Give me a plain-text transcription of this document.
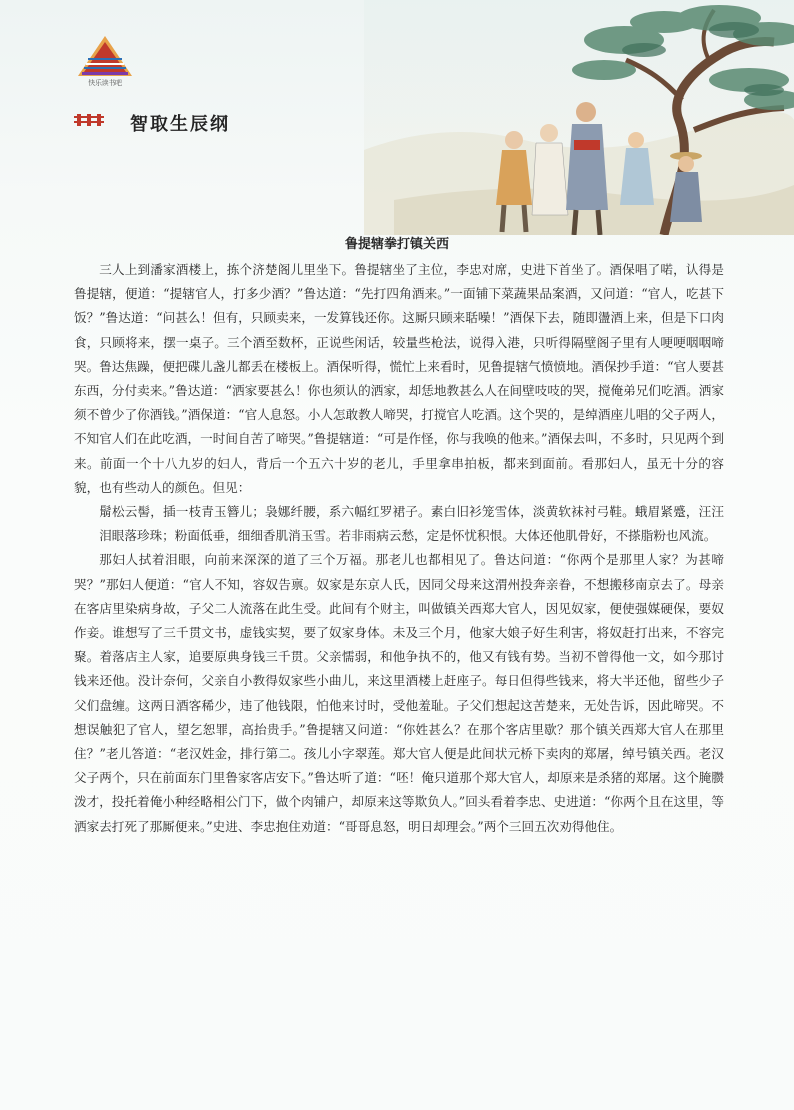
快乐读书吧
智取生辰纲
鲁提辖拳打镇关西

三人上到潘家酒楼上，拣个济楚阁儿里坐下。鲁提辖坐了主位，李忠对席，史进下首坐了。酒保唱了喏，认得是鲁提辖，便道：“提辖官人，打多少酒？”鲁达道：“先打四角酒来。”一面铺下菜蔬果品案酒，又问道：“官人，吃甚下饭？”鲁达道：“问甚么！但有，只顾卖来，一发算钱还你。这厮只顾来聒噪！”酒保下去，随即盪酒上来，但是下口肉食，只顾将来，摆一桌子。三个酒至数杯，正说些闲话，较量些枪法，说得入港，只听得隔壁阁子里有人哽哽咽咽啼哭。鲁达焦躁，便把碟儿盏儿都丢在楼板上。酒保听得，慌忙上来看时，见鲁提辖气愤愤地。酒保抄手道：“官人要甚东西，分付卖来。”鲁达道：“洒家要甚么！你也须认的洒家，却恁地教甚么人在间壁吱吱的哭，搅俺弟兄们吃酒。洒家须不曾少了你酒钱。”酒保道：“官人息怒。小人怎敢教人啼哭，打搅官人吃酒。这个哭的，是绰酒座儿唱的父子两人，不知官人们在此吃酒，一时间自苦了啼哭。”鲁提辖道：“可是作怪，你与我唤的他来。”酒保去叫，不多时，只见两个到来。前面一个十八九岁的妇人，背后一个五六十岁的老儿，手里拿串拍板，都来到面前。看那妇人，虽无十分的容貌，也有些动人的颜色。但见：

鬅松云髻，插一枝青玉簪儿；袅娜纤腰，系六幅红罗裙子。素白旧衫笼雪体，淡黄软袜衬弓鞋。蛾眉紧蹙，汪汪泪眼落珍珠；粉面低垂，细细香肌消玉雪。若非雨病云愁，定是怀忧积恨。大体还他肌骨好，不搽脂粉也风流。

那妇人拭着泪眼，向前来深深的道了三个万福。那老儿也都相见了。鲁达问道：“你两个是那里人家？为甚啼哭？”那妇人便道：“官人不知，容奴告禀。奴家是东京人氏，因同父母来这渭州投奔亲眷，不想搬移南京去了。母亲在客店里染病身故，子父二人流落在此生受。此间有个财主，叫做镇关西郑大官人，因见奴家，便使强媒硬保，要奴作妾。谁想写了三千贯文书，虚钱实契，要了奴家身体。未及三个月，他家大娘子好生利害，将奴赶打出来，不容完聚。着落店主人家，追要原典身钱三千贯。父亲懦弱，和他争执不的，他又有钱有势。当初不曾得他一文，如今那讨钱来还他。没计奈何，父亲自小教得奴家些小曲儿，来这里酒楼上赶座子。每日但得些钱来，将大半还他，留些少子父们盘缠。这两日酒客稀少，违了他钱限，怕他来讨时，受他羞耻。子父们想起这苦楚来，无处告诉，因此啼哭。不想误触犯了官人，望乞恕罪，高抬贵手。”鲁提辖又问道：“你姓甚么？在那个客店里歇？那个镇关西郑大官人在那里住？”老儿答道：“老汉姓金，排行第二。孩儿小字翠莲。郑大官人便是此间状元桥下卖肉的郑屠，绰号镇关西。老汉父子两个，只在前面东门里鲁家客店安下。”鲁达听了道：“呸！俺只道那个郑大官人，却原来是杀猪的郑屠。这个腌臜泼才，投托着俺小种经略相公门下，做个肉铺户，却原来这等欺负人。”回头看着李忠、史进道：“你两个且在这里，等洒家去打死了那厮便来。”史进、李忠抱住劝道：“哥哥息怒，明日却理会。”两个三回五次劝得他住。
